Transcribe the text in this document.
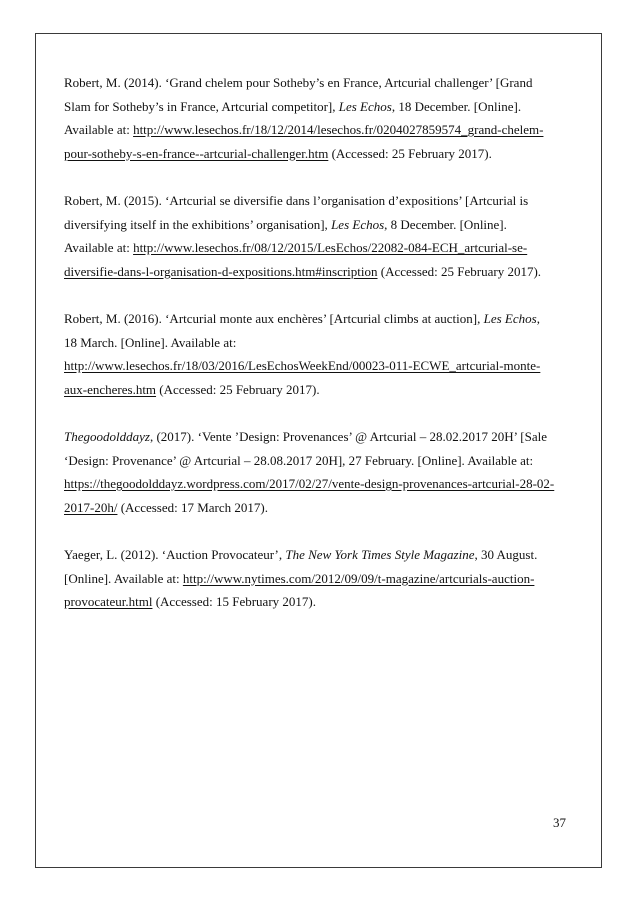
Robert, M. (2014). ‘Grand chelem pour Sotheby’s en France, Artcurial challenger’ [Grand
Slam for Sotheby’s in France, Artcurial competitor], Les Echos, 18 December. [Online].
Available at: http://www.lesechos.fr/18/12/2014/lesechos.fr/0204027859574_grand-chelem-
pour-sotheby-s-en-france--artcurial-challenger.htm (Accessed: 25 February 2017).
Robert, M. (2015). ‘Artcurial se diversifie dans l’organisation d’expositions’ [Artcurial is
diversifying itself in the exhibitions’ organisation], Les Echos, 8 December. [Online].
Available at: http://www.lesechos.fr/08/12/2015/LesEchos/22082-084-ECH_artcurial-se-
diversifie-dans-l-organisation-d-expositions.htm#inscription (Accessed: 25 February 2017).
Robert, M. (2016). ‘Artcurial monte aux enchères’ [Artcurial climbs at auction], Les Echos,
18 March. [Online]. Available at:
http://www.lesechos.fr/18/03/2016/LesEchosWeekEnd/00023-011-ECWE_artcurial-monte-
aux-encheres.htm (Accessed: 25 February 2017).
Thegoodolddayz, (2017). ‘Vente ’Design: Provenances’ @ Artcurial – 28.02.2017 20H’ [Sale
‘Design: Provenance’ @ Artcurial – 28.08.2017 20H], 27 February. [Online]. Available at:
https://thegoodolddayz.wordpress.com/2017/02/27/vente-design-provenances-artcurial-28-02-
2017-20h/ (Accessed: 17 March 2017).
Yaeger, L. (2012). ‘Auction Provocateur’, The New York Times Style Magazine, 30 August.
[Online]. Available at: http://www.nytimes.com/2012/09/09/t-magazine/artcurials-auction-
provocateur.html (Accessed: 15 February 2017).
37
